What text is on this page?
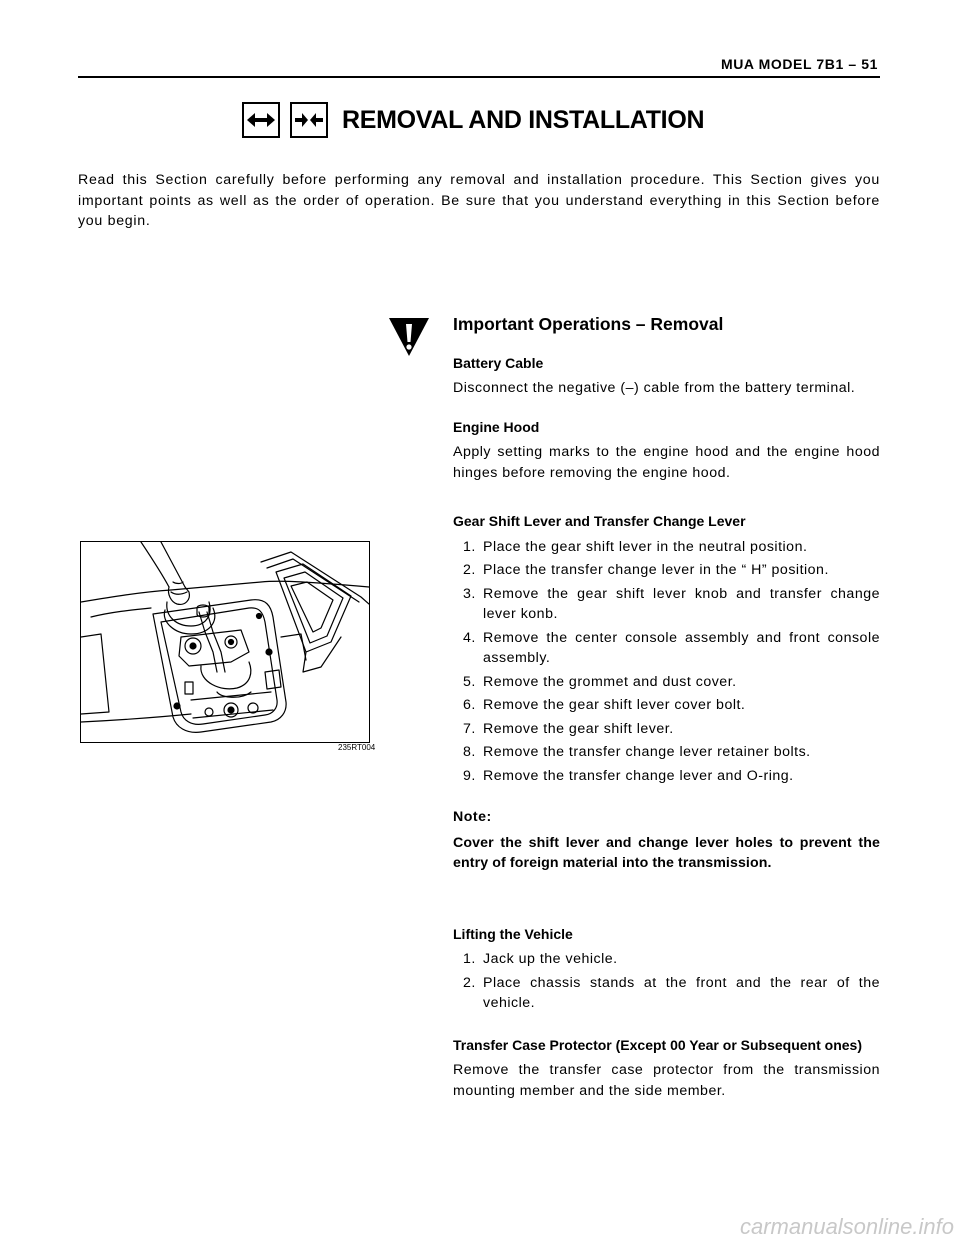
MUA MODEL 7B1 – 51
REMOVAL AND INSTALLATION

Read this Section carefully before performing any removal and installation procedure. This Section gives you important points as well as the order of operation. Be sure that you understand everything in this Section before you begin.

Important Operations – Removal
Battery Cable

Disconnect the negative (–) cable from the battery terminal.

Engine Hood

Apply setting marks to the engine hood and the engine hood hinges before removing the engine hood.

Gear Shift Lever and Transfer Change Lever
1. Place the gear shift lever in the neutral position.
2. Place the transfer change lever in the “ H” position.
3. Remove the gear shift lever knob and transfer change lever konb.
4. Remove the center console assembly and front console assembly.
5. Remove the grommet and dust cover.
6. Remove the gear shift lever cover bolt.
7. Remove the gear shift lever.
8. Remove the transfer change lever retainer bolts.
9. Remove the transfer change lever and O-ring.
Note:

Cover the shift lever and change lever holes to prevent the entry of foreign material into the transmission.

Lifting the Vehicle
1. Jack up the vehicle.
2. Place chassis stands at the front and the rear of the vehicle.
Transfer Case Protector (Except 00 Year or Subsequent ones)

Remove the transfer case protector from the transmission mounting member and the side member.

235RT004
carmanualsonline.info
